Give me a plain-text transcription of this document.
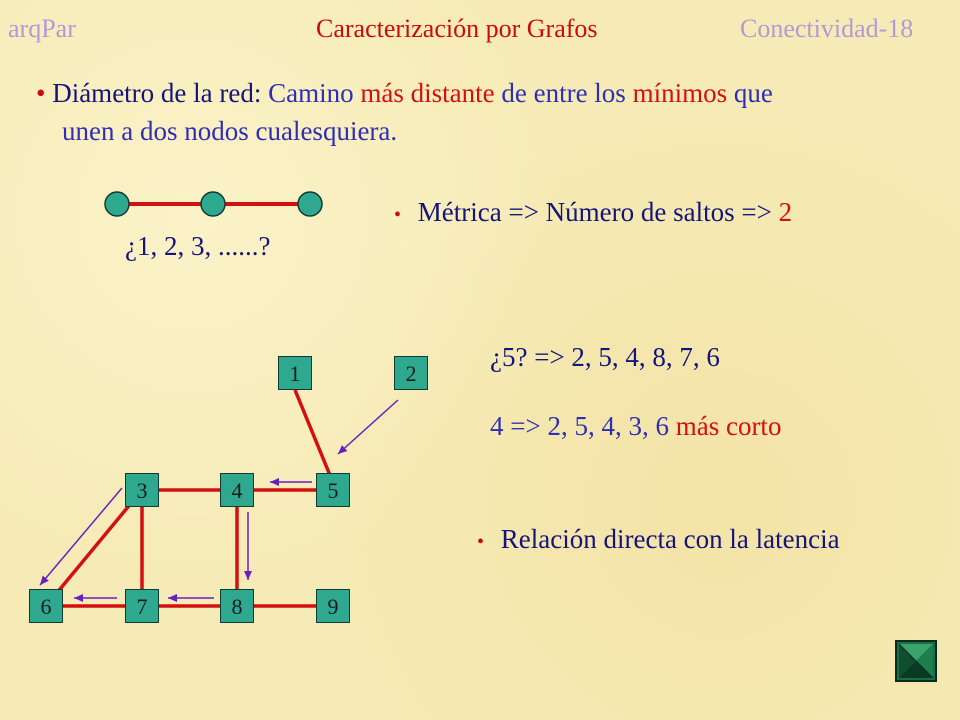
arqPar	Caracterización por Grafos	Conectividad-18
• Diámetro de la red: Camino más distante de entre los mínimos que
unen a dos nodos cualesquiera.
¿1, 2, 3, ......?
1	2
3	4	5
6	7	8	9
• Métrica => Número de saltos => 2
¿5? => 2, 5, 4, 8, 7, 6
4 => 2, 5, 4, 3, 6 más corto
• Relación directa con la latencia
